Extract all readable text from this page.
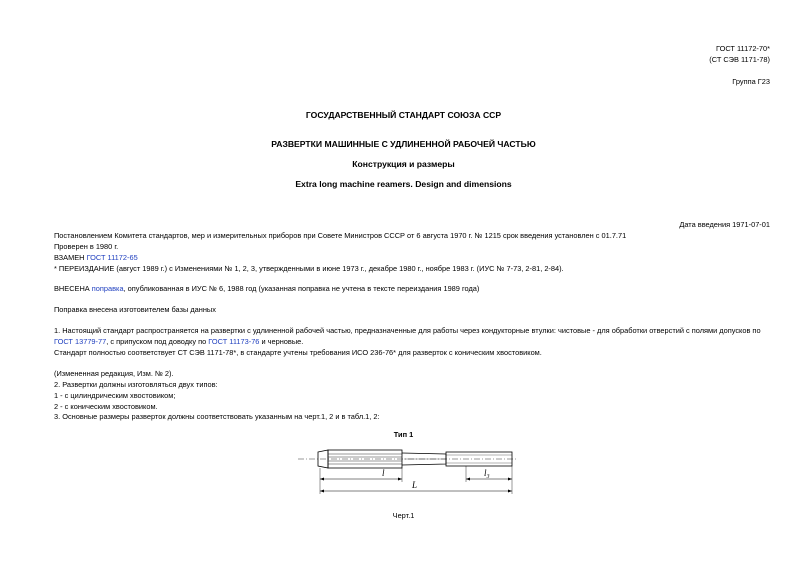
ГОСТ 11172-70*
(СТ СЭВ 1171-78)
Группа Г23
ГОСУДАРСТВЕННЫЙ СТАНДАРТ СОЮЗА ССР
РАЗВЕРТКИ МАШИННЫЕ С УДЛИНЕННОЙ РАБОЧЕЙ ЧАСТЬЮ
Конструкция и размеры
Extra long machine reamers. Design and dimensions
Дата введения 1971-07-01
Постановлением Комитета стандартов, мер и измерительных приборов при Совете Министров СССР от 6 августа 1970 г. № 1215 срок введения установлен с 01.7.71
Проверен в 1980 г.
ВЗАМЕН ГОСТ 11172-65
* ПЕРЕИЗДАНИЕ (август 1989 г.) с Изменениями № 1, 2, 3, утвержденными в июне 1973 г., декабре 1980 г., ноябре 1983 г. (ИУС № 7-73, 2-81, 2-84).
ВНЕСЕНА поправка, опубликованная в ИУС № 6, 1988 год (указанная поправка не учтена в тексте переиздания 1989 года)
Поправка внесена изготовителем базы данных
1. Настоящий стандарт распространяется на развертки с удлиненной рабочей частью, предназначенные для работы через кондукторные втулки: чистовые - для обработки отверстий с полями допусков по ГОСТ 13779-77, с припуском под доводку по ГОСТ 11173-76 и черновые.
Стандарт полностью соответствует СТ СЭВ 1171-78*, в стандарте учтены требования ИСО 236-76* для разверток с коническим хвостовиком.
(Измененная редакция, Изм. № 2).
2. Развертки должны изготовляться двух типов:
1 - с цилиндрическим хвостовиком;
2 - с коническим хвостовиком.
3. Основные размеры разверток должны соответствовать указанным на черт.1, 2 и в табл.1, 2:
Тип 1
l	l₃
L
Черт.1
